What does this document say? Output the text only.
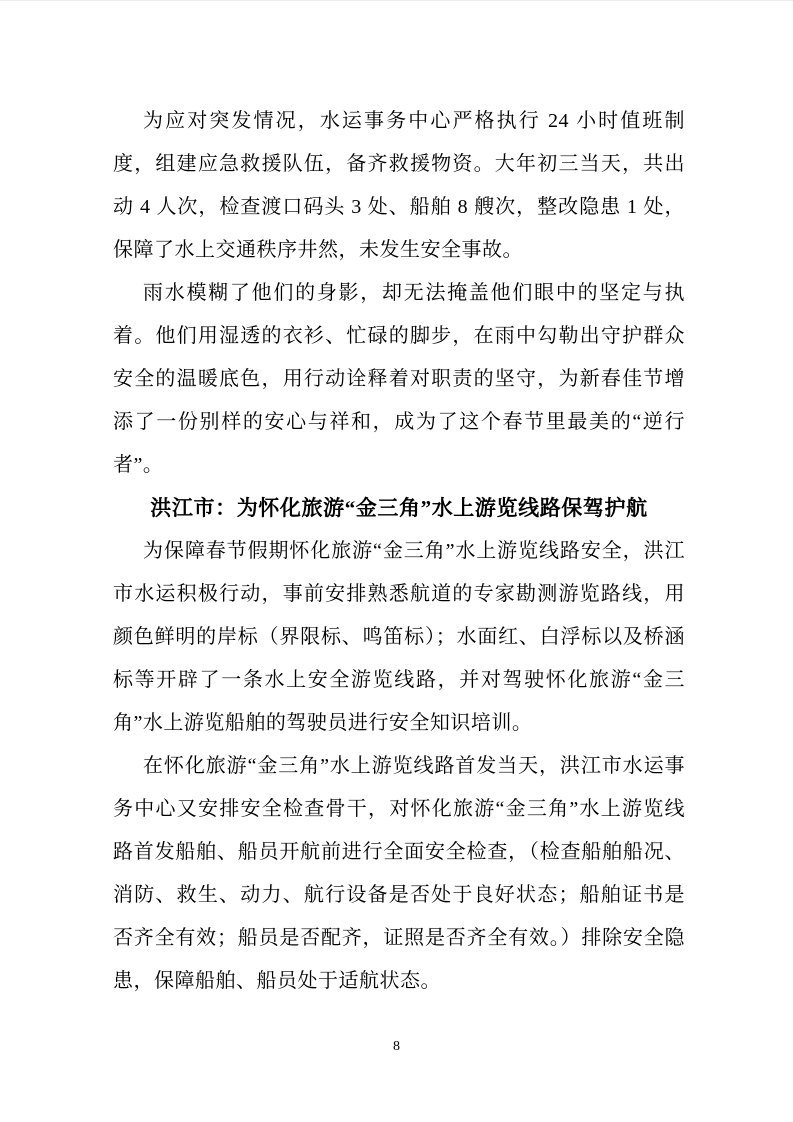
为应对突发情况，水运事务中心严格执行 24 小时值班制度，组建应急救援队伍，备齐救援物资。大年初三当天，共出动 4 人次，检查渡口码头 3 处、船舶 8 艘次，整改隐患 1 处，保障了水上交通秩序井然，未发生安全事故。

雨水模糊了他们的身影，却无法掩盖他们眼中的坚定与执着。他们用湿透的衣衫、忙碌的脚步，在雨中勾勒出守护群众安全的温暖底色，用行动诠释着对职责的坚守，为新春佳节增添了一份别样的安心与祥和，成为了这个春节里最美的“逆行者”。

洪江市：为怀化旅游“金三角”水上游览线路保驾护航

为保障春节假期怀化旅游“金三角”水上游览线路安全，洪江市水运积极行动，事前安排熟悉航道的专家勘测游览路线，用颜色鲜明的岸标（界限标、鸣笛标）；水面红、白浮标以及桥涵标等开辟了一条水上安全游览线路，并对驾驶怀化旅游“金三角”水上游览船舶的驾驶员进行安全知识培训。

在怀化旅游“金三角”水上游览线路首发当天，洪江市水运事务中心又安排安全检查骨干，对怀化旅游“金三角”水上游览线路首发船舶、船员开航前进行全面安全检查，（检查船舶船况、消防、救生、动力、航行设备是否处于良好状态；船舶证书是否齐全有效；船员是否配齐，证照是否齐全有效。）排除安全隐患，保障船舶、船员处于适航状态。

8
